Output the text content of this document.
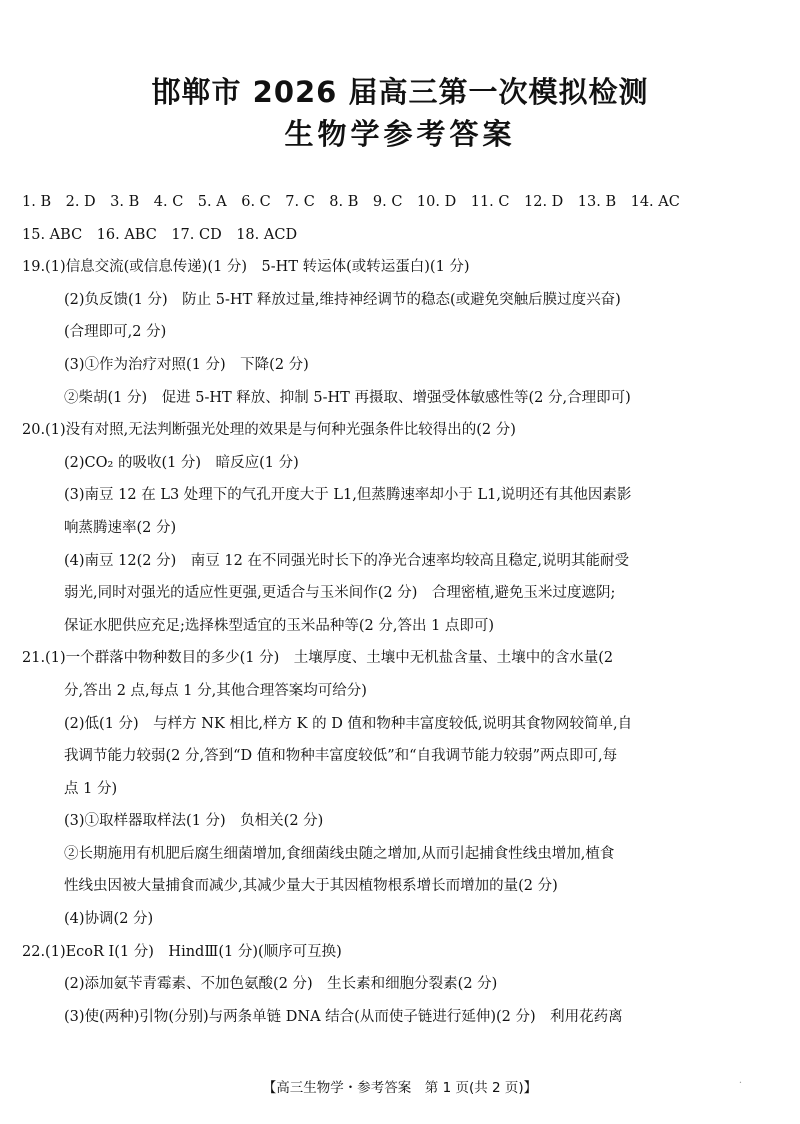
邯郸市 2026 届高三第一次模拟检测
生物学参考答案
1. B　2. D　3. B　4. C　5. A　6. C　7. C　8. B　9. C　10. D　11. C　12. D　13. B　14. AC
15. ABC　16. ABC　17. CD　18. ACD
19.(1)信息交流(或信息传递)(1 分)　5-HT 转运体(或转运蛋白)(1 分)
(2)负反馈(1 分)　防止 5-HT 释放过量,维持神经调节的稳态(或避免突触后膜过度兴奋)
(合理即可,2 分)
(3)①作为治疗对照(1 分)　下降(2 分)
②柴胡(1 分)　促进 5-HT 释放、抑制 5-HT 再摄取、增强受体敏感性等(2 分,合理即可)
20.(1)没有对照,无法判断强光处理的效果是与何种光强条件比较得出的(2 分)
(2)CO₂ 的吸收(1 分)　暗反应(1 分)
(3)南豆 12 在 L3 处理下的气孔开度大于 L1,但蒸腾速率却小于 L1,说明还有其他因素影
响蒸腾速率(2 分)
(4)南豆 12(2 分)　南豆 12 在不同强光时长下的净光合速率均较高且稳定,说明其能耐受
弱光,同时对强光的适应性更强,更适合与玉米间作(2 分)　合理密植,避免玉米过度遮阴;
保证水肥供应充足;选择株型适宜的玉米品种等(2 分,答出 1 点即可)
21.(1)一个群落中物种数目的多少(1 分)　土壤厚度、土壤中无机盐含量、土壤中的含水量(2
分,答出 2 点,每点 1 分,其他合理答案均可给分)
(2)低(1 分)　与样方 NK 相比,样方 K 的 D 值和物种丰富度较低,说明其食物网较简单,自
我调节能力较弱(2 分,答到“D 值和物种丰富度较低”和“自我调节能力较弱”两点即可,每
点 1 分)
(3)①取样器取样法(1 分)　负相关(2 分)
②长期施用有机肥后腐生细菌增加,食细菌线虫随之增加,从而引起捕食性线虫增加,植食
性线虫因被大量捕食而减少,其减少量大于其因植物根系增长而增加的量(2 分)
(4)协调(2 分)
22.(1)EcoR Ⅰ(1 分)　HindⅢ(1 分)(顺序可互换)
(2)添加氨苄青霉素、不加色氨酸(2 分)　生长素和细胞分裂素(2 分)
(3)使(两种)引物(分别)与两条单链 DNA 结合(从而使子链进行延伸)(2 分)　利用花药离
【高三生物学・参考答案　第 1 页(共 2 页)】	·
